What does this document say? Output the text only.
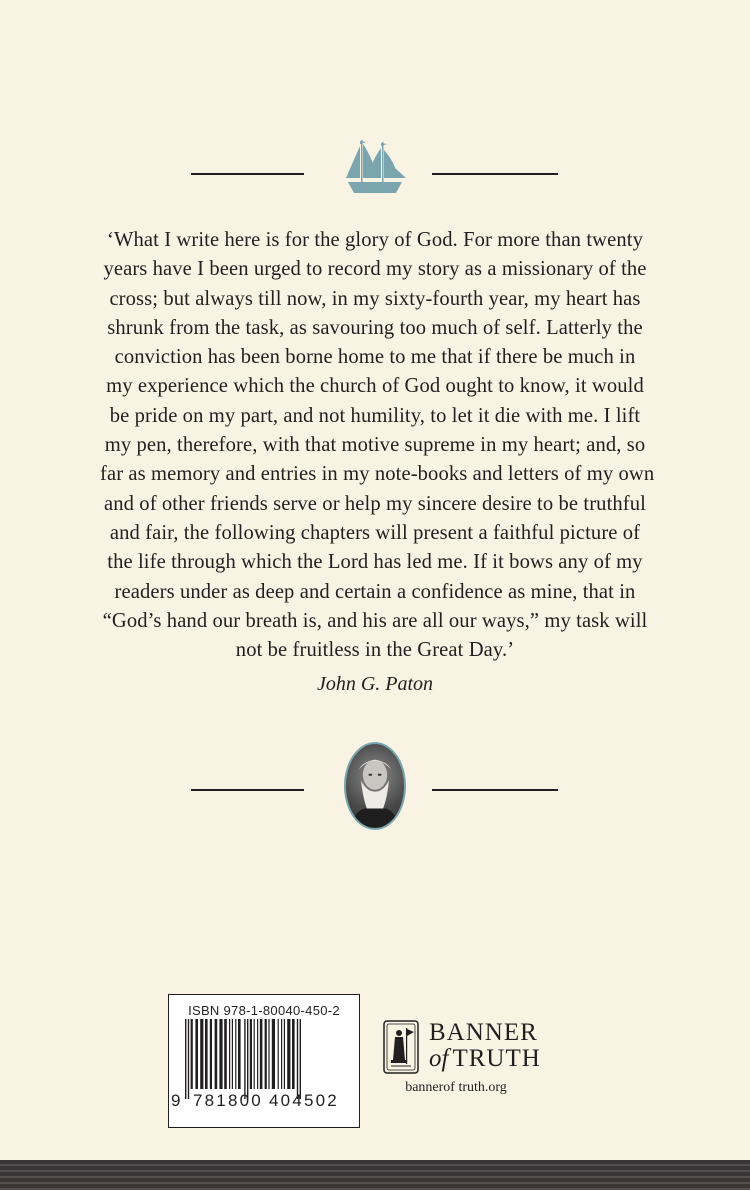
‘What I write here is for the glory of God. For more than twenty
years have I been urged to record my story as a missionary of the
cross; but always till now, in my sixty-fourth year, my heart has
shrunk from the task, as savouring too much of self. Latterly the
conviction has been borne home to me that if there be much in
my experience which the church of God ought to know, it would
be pride on my part, and not humility, to let it die with me. I lift
my pen, therefore, with that motive supreme in my heart; and, so
far as memory and entries in my note-books and letters of my own
and of other friends serve or help my sincere desire to be truthful
and fair, the following chapters will present a faithful picture of
the life through which the Lord has led me. If it bows any of my
readers under as deep and certain a confidence as mine, that in
“God’s hand our breath is, and his are all our ways,” my task will
not be fruitless in the Great Day.’

John G. Paton
ISBN 978-1-80040-450-2
9 781800 404502
BANNER
of TRUTH
bannerof truth.org
